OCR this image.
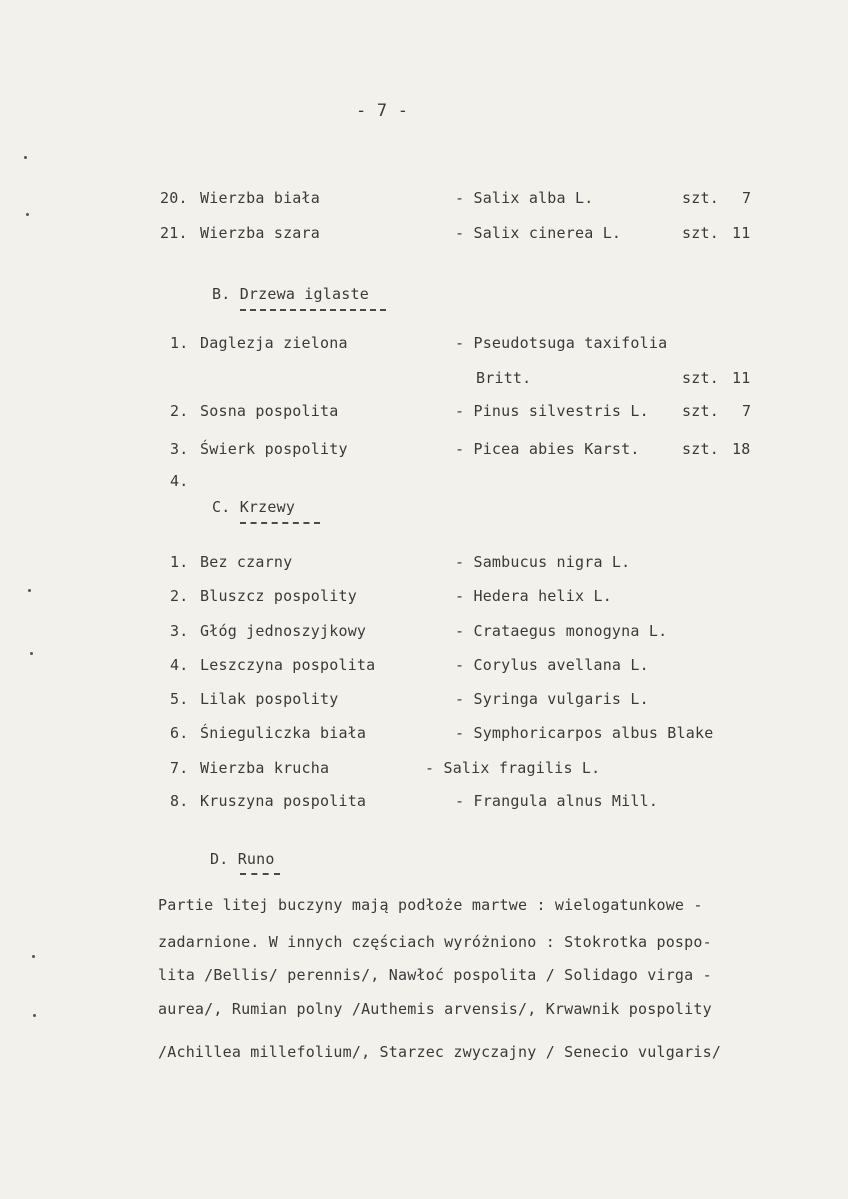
- 7 -
20. Wierzba biała	- Salix alba L.	szt. 7
21. Wierzba szara	- Salix cinerea L.	szt. 11
B. Drzewa iglaste
1. Daglezja zielona	- Pseudotsuga taxifolia
Britt.	szt. 11
2. Sosna pospolita	- Pinus silvestris L. szt. 7
3. Świerk pospolity	- Picea abies Karst.	szt. 18
4.
C. Krzewy
1. Bez czarny	- Sambucus nigra L.
2. Bluszcz pospolity	- Hedera helix L.
3. Głóg jednoszyjkowy	- Crataegus monogyna L.
4. Leszczyna pospolita	- Corylus avellana L.
5. Lilak pospolity	- Syringa vulgaris L.
6. Śnieguliczka biała	- Symphoricarpos albus Blake
7. Wierzba krucha	- Salix fragilis L.
8. Kruszyna pospolita	- Frangula alnus Mill.
D. Runo
Partie litej buczyny mają podłoże martwe : wielogatunkowe -
zadarnione. W innych częściach wyróżniono : Stokrotka pospo-
lita /Bellis/ perennis/, Nawłoć pospolita / Solidago virga -
aurea/, Rumian polny /Authemis arvensis/, Krwawnik pospolity
/Achillea millefolium/, Starzec zwyczajny / Senecio vulgaris/
